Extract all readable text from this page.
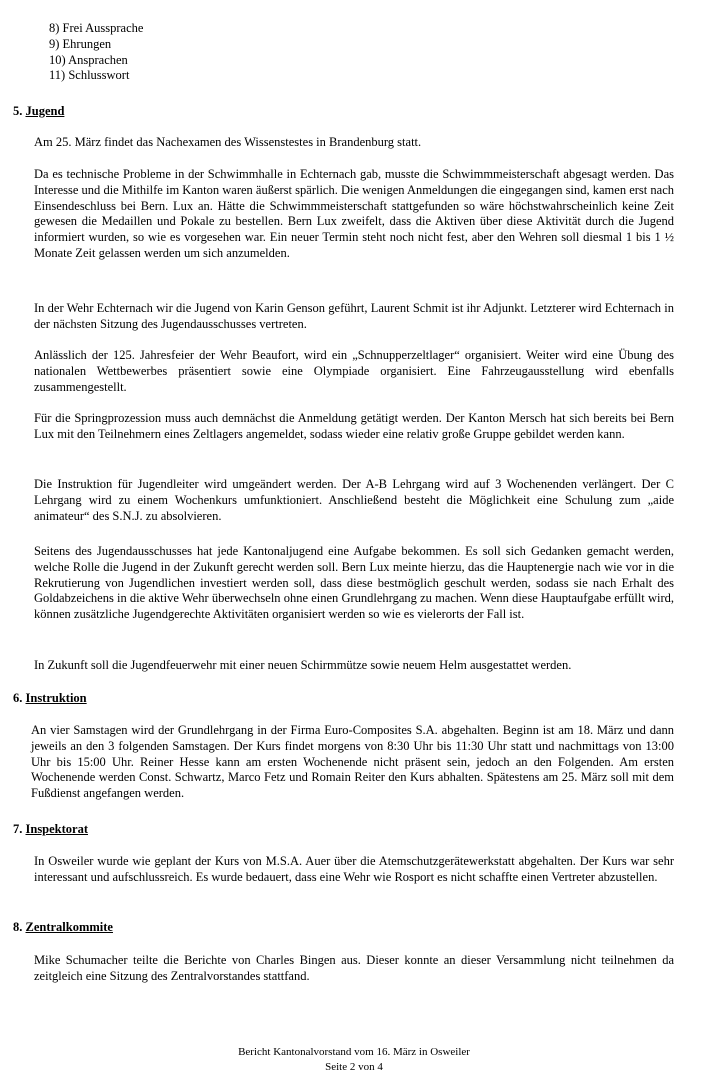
8) Frei Aussprache
9) Ehrungen
10) Ansprachen
11) Schlusswort
5. Jugend
Am 25. März findet das Nachexamen des Wissenstestes in Brandenburg statt.
Da es technische Probleme in der Schwimmhalle in Echternach gab, musste die Schwimmmeisterschaft abgesagt werden. Das Interesse und die Mithilfe im Kanton waren äußerst spärlich. Die wenigen Anmeldungen die eingegangen sind, kamen erst nach Einsendeschluss bei Bern. Lux an. Hätte die Schwimmmeisterschaft stattgefunden so wäre höchstwahrscheinlich keine Zeit gewesen die Medaillen und Pokale zu bestellen. Bern Lux zweifelt, dass die Aktiven über diese Aktivität durch die Jugend informiert wurden, so wie es vorgesehen war. Ein neuer Termin steht noch nicht fest, aber den Wehren soll diesmal 1 bis 1 ½ Monate Zeit gelassen werden um sich anzumelden.
In der Wehr Echternach wir die Jugend von Karin Genson geführt, Laurent Schmit ist ihr Adjunkt. Letzterer wird Echternach in der nächsten Sitzung des Jugendausschusses vertreten.
Anlässlich der 125. Jahresfeier der Wehr Beaufort, wird ein „Schnupperzeltlager“ organisiert. Weiter wird eine Übung des nationalen Wettbewerbes präsentiert sowie eine Olympiade organisiert. Eine Fahrzeugausstellung wird ebenfalls zusammengestellt.
Für die Springprozession muss auch demnächst die Anmeldung getätigt werden. Der Kanton Mersch hat sich bereits bei Bern Lux mit den Teilnehmern eines Zeltlagers angemeldet, sodass wieder eine relativ große Gruppe gebildet werden kann.
Die Instruktion für Jugendleiter wird umgeändert werden. Der A-B Lehrgang wird auf 3 Wochenenden verlängert. Der C Lehrgang wird zu einem Wochenkurs umfunktioniert. Anschließend besteht die Möglichkeit eine Schulung zum „aide animateur“ des S.N.J. zu absolvieren.
Seitens des Jugendausschusses hat jede Kantonaljugend eine Aufgabe bekommen. Es soll sich Gedanken gemacht werden, welche Rolle die Jugend in der Zukunft gerecht werden soll. Bern Lux meinte hierzu, das die Hauptenergie nach wie vor in die Rekrutierung von Jugendlichen investiert werden soll, dass diese bestmöglich geschult werden, sodass sie nach Erhalt des Goldabzeichens in die aktive Wehr überwechseln ohne einen Grundlehrgang zu machen. Wenn diese Hauptaufgabe erfüllt wird, können zusätzliche Jugendgerechte Aktivitäten organisiert werden so wie es vielerorts der Fall ist.
In Zukunft soll die Jugendfeuerwehr mit einer neuen Schirmmütze sowie neuem Helm ausgestattet werden.
6. Instruktion
An vier Samstagen wird der Grundlehrgang in der Firma Euro-Composites S.A. abgehalten. Beginn ist am 18. März und dann jeweils an den 3 folgenden Samstagen. Der Kurs findet morgens von 8:30 Uhr bis 11:30 Uhr statt und nachmittags von 13:00 Uhr bis 15:00 Uhr. Reiner Hesse kann am ersten Wochenende nicht präsent sein, jedoch an den Folgenden. Am ersten Wochenende werden Const. Schwartz, Marco Fetz und Romain Reiter den Kurs abhalten. Spätestens am 25. März soll mit dem Fußdienst angefangen werden.
7. Inspektorat
In Osweiler wurde wie geplant der Kurs von M.S.A. Auer über die Atemschutzgerätewerkstatt abgehalten. Der Kurs war sehr interessant und aufschlussreich. Es wurde bedauert, dass eine Wehr wie Rosport es nicht schaffte einen Vertreter abzustellen.
8. Zentralkommite
Mike Schumacher teilte die Berichte von Charles Bingen aus. Dieser konnte an dieser Versammlung nicht teilnehmen da zeitgleich eine Sitzung des Zentralvorstandes stattfand.
Bericht Kantonalvorstand vom 16. März in Osweiler
Seite 2 von 4
